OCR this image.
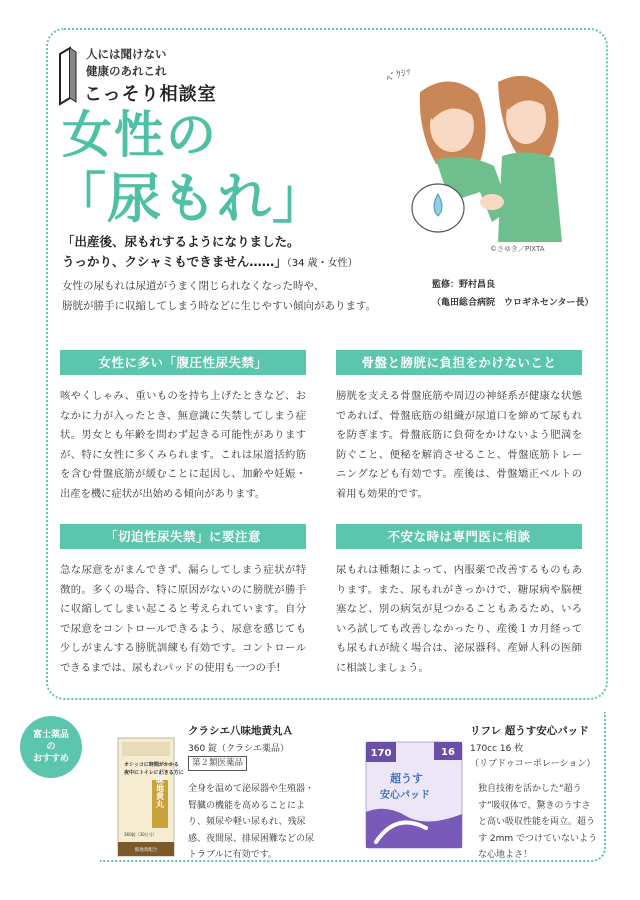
人には聞けない
健康のあれこれ
こっそり相談室
女性の
「尿もれ」
ﾍﾞｸｼｯ
©さゆき／PIXTA
「出産後、尿もれするようになりました。
うっかり、クシャミもできません……」（34 歳・女性）
女性の尿もれは尿道がうまく閉じられなくなった時や、
膀胱が勝手に収縮してしまう時などに生じやすい傾向があります。
監修：野村昌良
（亀田総合病院　ウロギネセンター長）
女性に多い「腹圧性尿失禁」
咳やくしゃみ、重いものを持ち上げたときなど、おなかに力が入ったとき、無意識に失禁してしまう症状。男女とも年齢を問わず起きる可能性がありますが、特に女性に多くみられます。これは尿道括約筋を含む骨盤底筋が緩むことに起因し、加齢や妊娠・出産を機に症状が出始める傾向があります。
骨盤と膀胱に負担をかけないこと
膀胱を支える骨盤底筋や周辺の神経系が健康な状態であれば、骨盤底筋の組織が尿道口を締めて尿もれを防ぎます。骨盤底筋に負荷をかけないよう肥満を防ぐこと、便秘を解消させること、骨盤底筋トレーニングなども有効です。産後は、骨盤矯正ベルトの着用も効果的です。
「切迫性尿失禁」に要注意
急な尿意をがまんできず、漏らしてしまう症状が特徴的。多くの場合、特に原因がないのに膀胱が勝手に収縮してしまい起こると考えられています。自分で尿意をコントロールできるよう、尿意を感じても少しがまんする膀胱訓練も有効です。コントロールできるまでは、尿もれパッドの使用も一つの手!
不安な時は専門医に相談
尿もれは種類によって、内服薬で改善するものもあります。また、尿もれがきっかけで、糖尿病や脳梗塞など、別の病気が見つかることもあるため、いろいろ試しても改善しなかったり、産後１カ月経っても尿もれが続く場合は、泌尿器科、産婦人科の医師に相談しましょう。
富士薬品
の
おすすめ
オシッコに時間がかかる
夜中にトイレに起きる方に
八味地黄丸
360錠（30日分）
熊地黄配合
クラシエ八味地黄丸Ａ
360 錠（クラシエ薬品）
第２類医薬品
全身を温めて泌尿器や生殖器・腎臓の機能を高めることにより、頻尿や軽い尿もれ、残尿感、夜間尿、排尿困難などの尿トラブルに有効です。
170	16
超うす
安心パッド
リフレ 超うす安心パッド
170cc 16 枚
（リブドゥコーポレーション）
独自技術を活かした“超うす”吸収体で、驚きのうすさと高い吸収性能を両立。超うす 2mm でつけていないような心地よさ！
